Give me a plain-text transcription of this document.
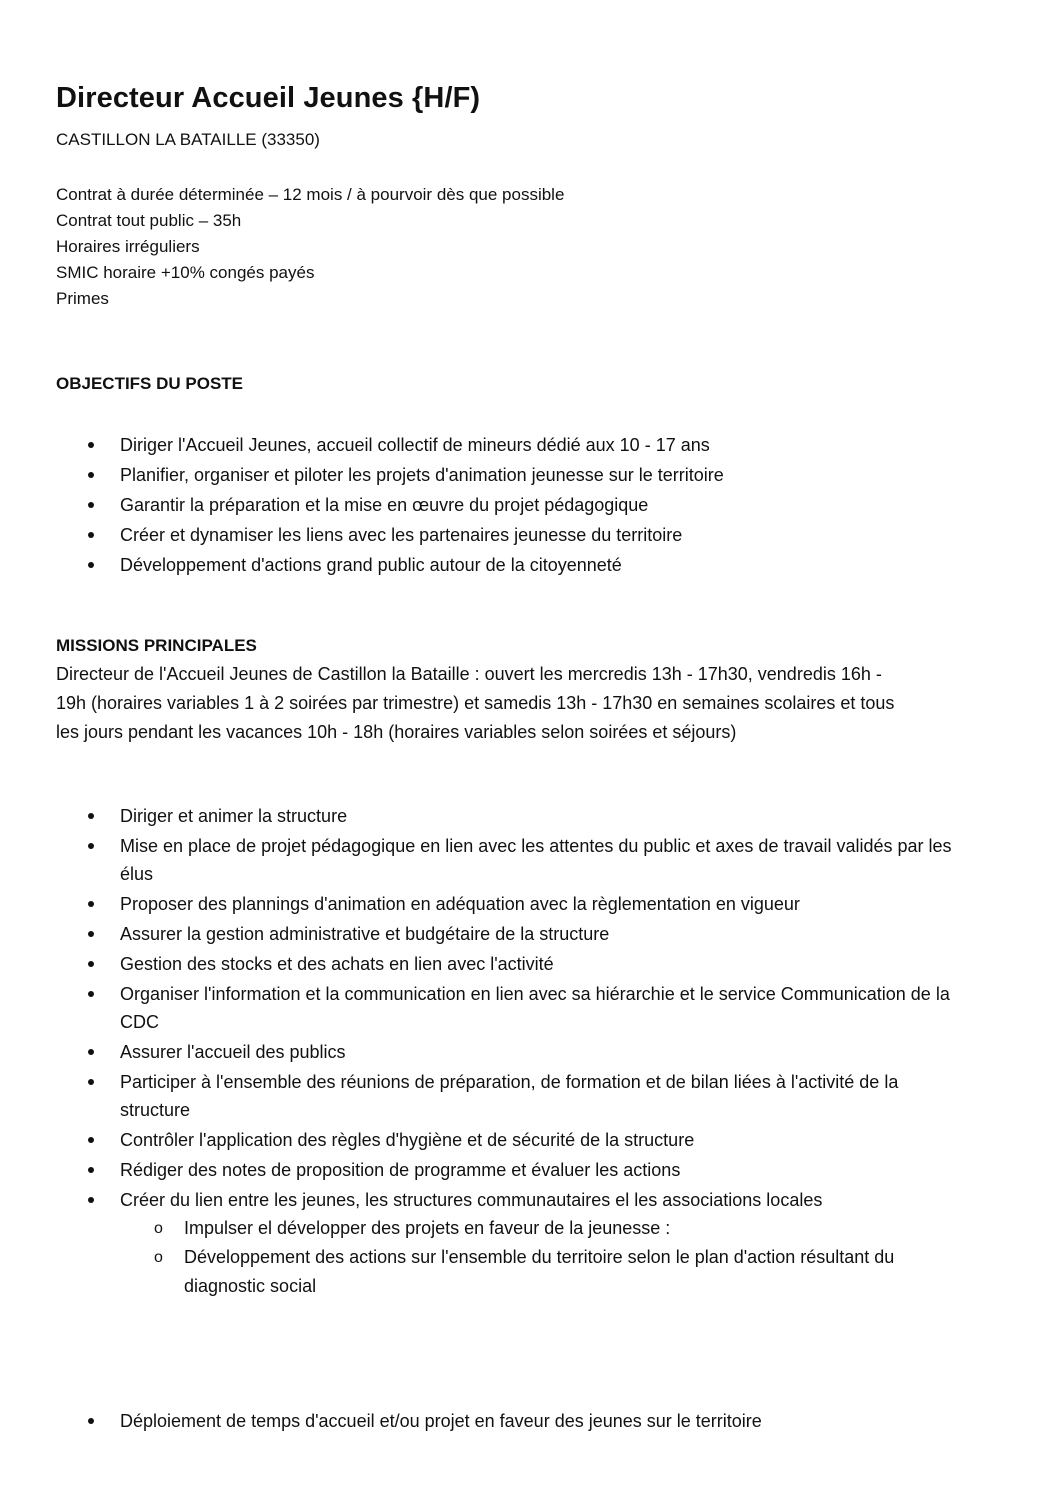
Directeur Accueil Jeunes {H/F)
CASTILLON LA BATAILLE (33350)
Contrat à durée déterminée – 12 mois / à pourvoir dès que possible
Contrat tout public – 35h
Horaires irréguliers
SMIC horaire +10% congés payés
Primes
OBJECTIFS DU POSTE
Diriger l'Accueil Jeunes, accueil collectif de mineurs dédié aux 10 - 17 ans
Planifier, organiser et piloter les projets d'animation jeunesse sur le territoire
Garantir la préparation et la mise en œuvre du projet pédagogique
Créer et dynamiser les liens avec les partenaires jeunesse du territoire
Développement d'actions grand public autour de la citoyenneté
MISSIONS PRINCIPALES
Directeur de l'Accueil Jeunes de Castillon la Bataille : ouvert les mercredis 13h - 17h30, vendredis 16h - 19h (horaires variables 1 à 2 soirées par trimestre) et samedis 13h - 17h30 en semaines scolaires et tous les jours pendant les vacances 10h - 18h (horaires variables selon soirées et séjours)
Diriger et animer la structure
Mise en place de projet pédagogique en lien avec les attentes du public et axes de travail validés par les élus
Proposer des plannings d'animation en adéquation avec la règlementation en vigueur
Assurer la gestion administrative et budgétaire de la structure
Gestion des stocks et des achats en lien avec l'activité
Organiser l'information et la communication en lien avec sa hiérarchie et le service Communication de la CDC
Assurer l'accueil des publics
Participer à l'ensemble des réunions de préparation, de formation et de bilan liées à l'activité de la structure
Contrôler l'application des règles d'hygiène et de sécurité de la structure
Rédiger des notes de proposition de programme et évaluer les actions
Créer du lien entre les jeunes, les structures communautaires el les associations locales
o Impulser el développer des projets en faveur de la jeunesse :
o Développement des actions sur l'ensemble du territoire selon le plan d'action résultant du diagnostic social
Déploiement de temps d'accueil et/ou projet en faveur des jeunes sur le territoire
